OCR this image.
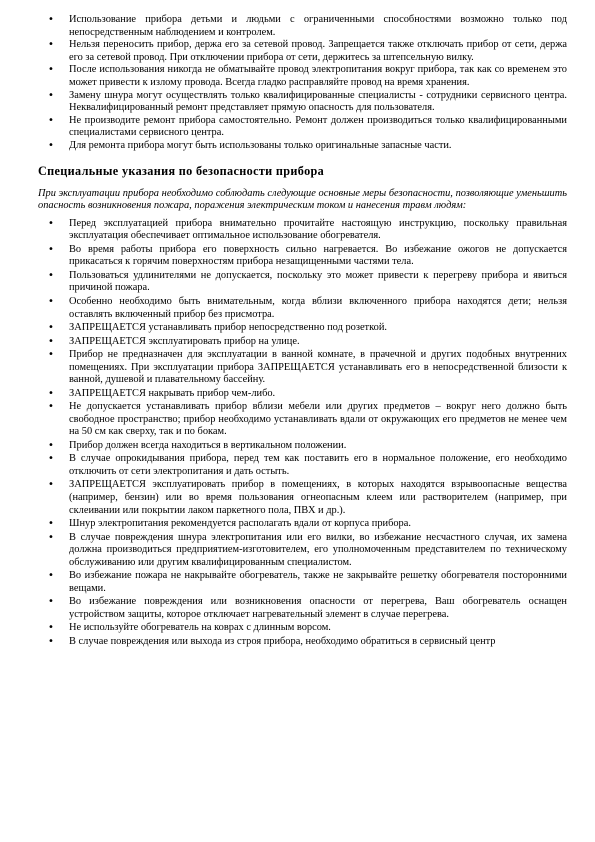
• Использование прибора детьми и людьми с ограниченными способностями возможно только под непосредственным наблюдением и контролем.
• Нельзя переносить прибор, держа его за сетевой провод. Запрещается также отключать прибор от сети, держа его за сетевой провод. При отключении прибора от сети, держитесь за штепсельную вилку.
• После использования никогда не обматывайте провод электропитания вокруг прибора, так как со временем это может привести к излому провода. Всегда гладко расправляйте провод на время хранения.
• Замену шнура могут осуществлять только квалифицированные специалисты - сотрудники сервисного центра. Неквалифицированный ремонт представляет прямую опасность для пользователя.
• Не производите ремонт прибора самостоятельно. Ремонт должен производиться только квалифицированными специалистами сервисного центра.
• Для ремонта прибора могут быть использованы только оригинальные запасные части.
Специальные указания по безопасности прибора

При эксплуатации прибора необходимо соблюдать следующие основные меры безопасности, позволяющие уменьшить опасность возникновения пожара, поражения электрическим током и нанесения травм людям:

• Перед эксплуатацией прибора внимательно прочитайте настоящую инструкцию, поскольку правильная эксплуатация обеспечивает оптимальное использование обогревателя.
• Во время работы прибора его поверхность сильно нагревается. Во избежание ожогов не допускается прикасаться к горячим поверхностям прибора незащищенными частями тела.
• Пользоваться удлинителями не допускается, поскольку это может привести к перегреву прибора и явиться причиной пожара.
• Особенно необходимо быть внимательным, когда вблизи включенного прибора находятся дети; нельзя оставлять включенный прибор без присмотра.
• ЗАПРЕЩАЕТСЯ устанавливать прибор непосредственно под розеткой.
• ЗАПРЕЩАЕТСЯ эксплуатировать прибор на улице.
• Прибор не предназначен для эксплуатации в ванной комнате, в прачечной и других подобных внутренних помещениях. При эксплуатации прибора ЗАПРЕЩАЕТСЯ устанавливать его в непосредственной близости к ванной, душевой и плавательному бассейну.
• ЗАПРЕЩАЕТСЯ накрывать прибор чем-либо.
• Не допускается устанавливать прибор вблизи мебели или других предметов – вокруг него должно быть свободное пространство; прибор необходимо устанавливать вдали от окружающих его предметов не менее чем на 50 см как сверху, так и по бокам.
• Прибор должен всегда находиться в вертикальном положении.
• В случае опрокидывания прибора, перед тем как поставить его в нормальное положение, его необходимо отключить от сети электропитания и дать остыть.
• ЗАПРЕЩАЕТСЯ эксплуатировать прибор в помещениях, в которых находятся взрывоопасные вещества (например, бензин) или во время пользования огнеопасным клеем или растворителем (например, при склеивании или покрытии лаком паркетного пола, ПВХ и др.).
• Шнур электропитания рекомендуется располагать вдали от корпуса прибора.
• В случае повреждения шнура электропитания или его вилки, во избежание несчастного случая, их замена должна производиться предприятием-изготовителем, его уполномоченным представителем по техническому обслуживанию или другим квалифицированным специалистом.
• Во избежание пожара не накрывайте обогреватель, также не закрывайте решетку обогревателя посторонними вещами.
• Во избежание повреждения или возникновения опасности от перегрева, Ваш обогреватель оснащен устройством защиты, которое отключает нагревательный элемент в случае перегрева.
• Не используйте обогреватель на коврах с длинным ворсом.
• В случае повреждения или выхода из строя прибора, необходимо обратиться в сервисный центр
